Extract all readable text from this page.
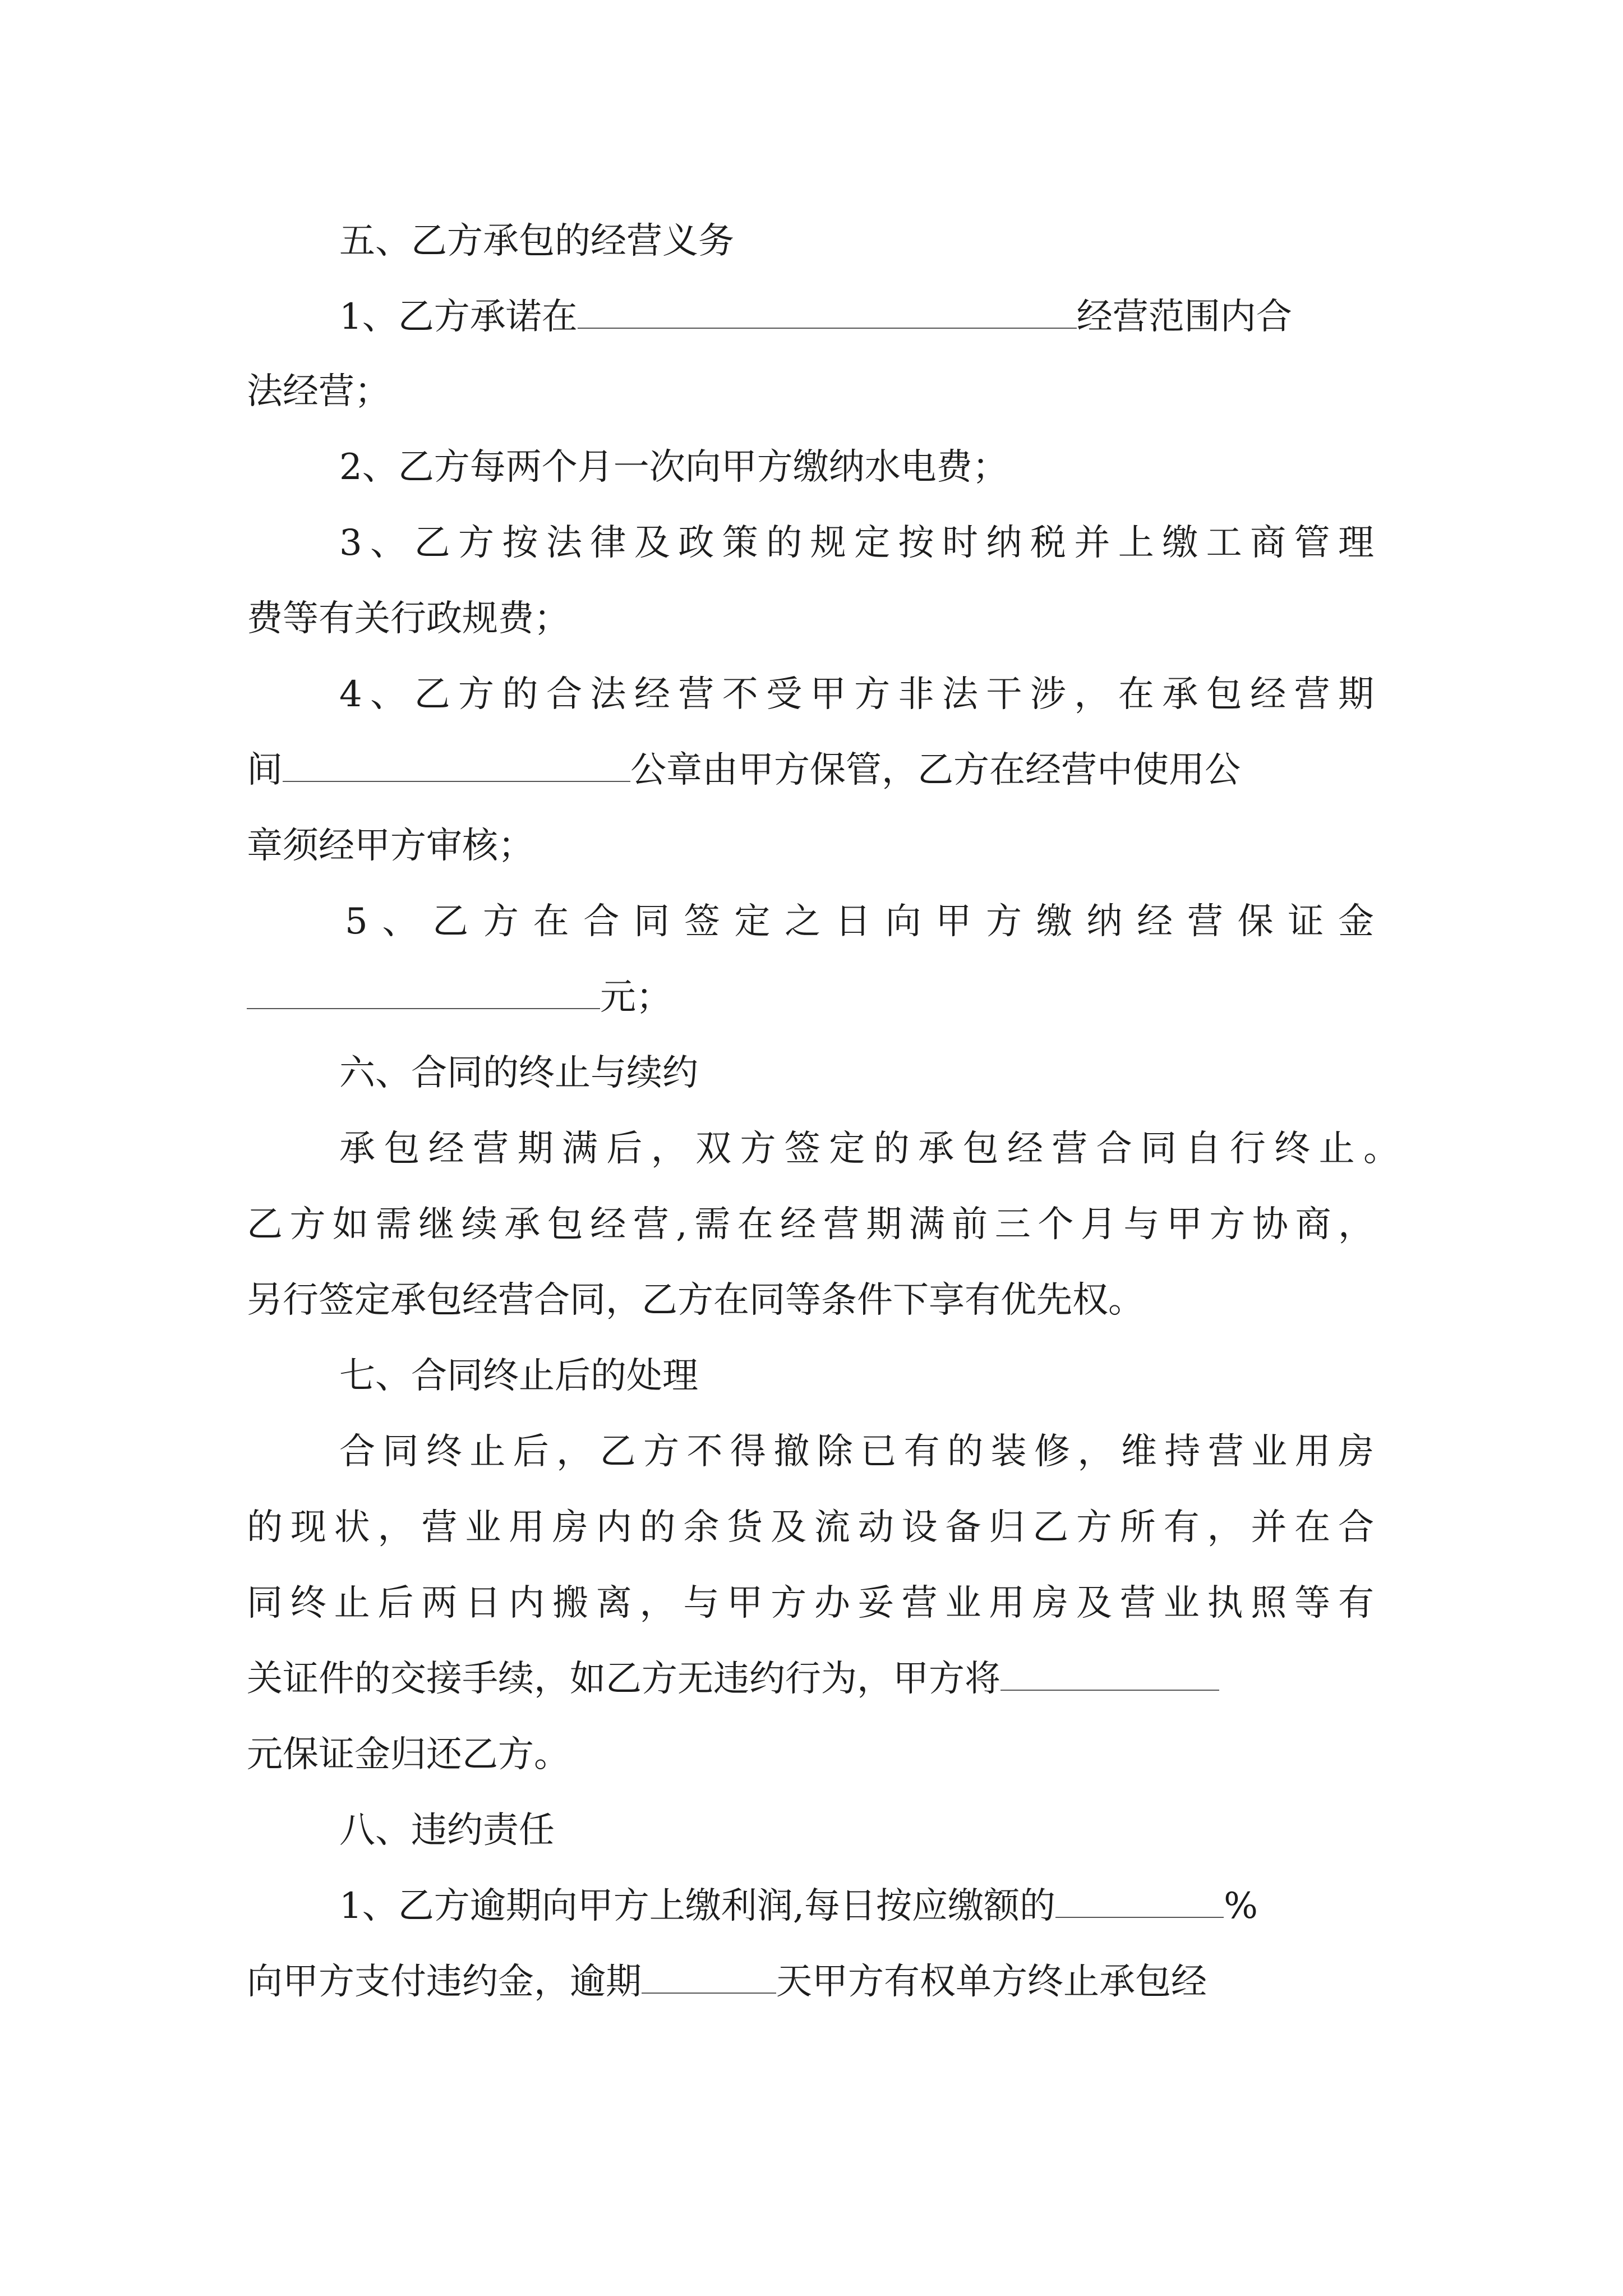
五、乙方承包的经营义务
1、乙方承诺在	经营范围内合
法经营；
2、乙方每两个月一次向甲方缴纳水电费；
3、乙方按法律及政策的规定按时纳税并上缴工商管理
费等有关行政规费；
4、乙方的合法经营不受甲方非法干涉，在承包经营期
间	公章由甲方保管，乙方在经营中使用公
章须经甲方审核；
5、乙方在合同签定之日向甲方缴纳经营保证金
元；
六、合同的终止与续约
承包经营期满后，双方签定的承包经营合同自行终止。
乙方如需继续承包经营,需在经营期满前三个月与甲方协商，
另行签定承包经营合同，乙方在同等条件下享有优先权。
七、合同终止后的处理
合同终止后，乙方不得撤除已有的装修，维持营业用房
的现状，营业用房内的余货及流动设备归乙方所有，并在合
同终止后两日内搬离，与甲方办妥营业用房及营业执照等有
关证件的交接手续，如乙方无违约行为，甲方将
元保证金归还乙方。
八、违约责任
1、乙方逾期向甲方上缴利润,每日按应缴额的	%
向甲方支付违约金，逾期	天甲方有权单方终止承包经
